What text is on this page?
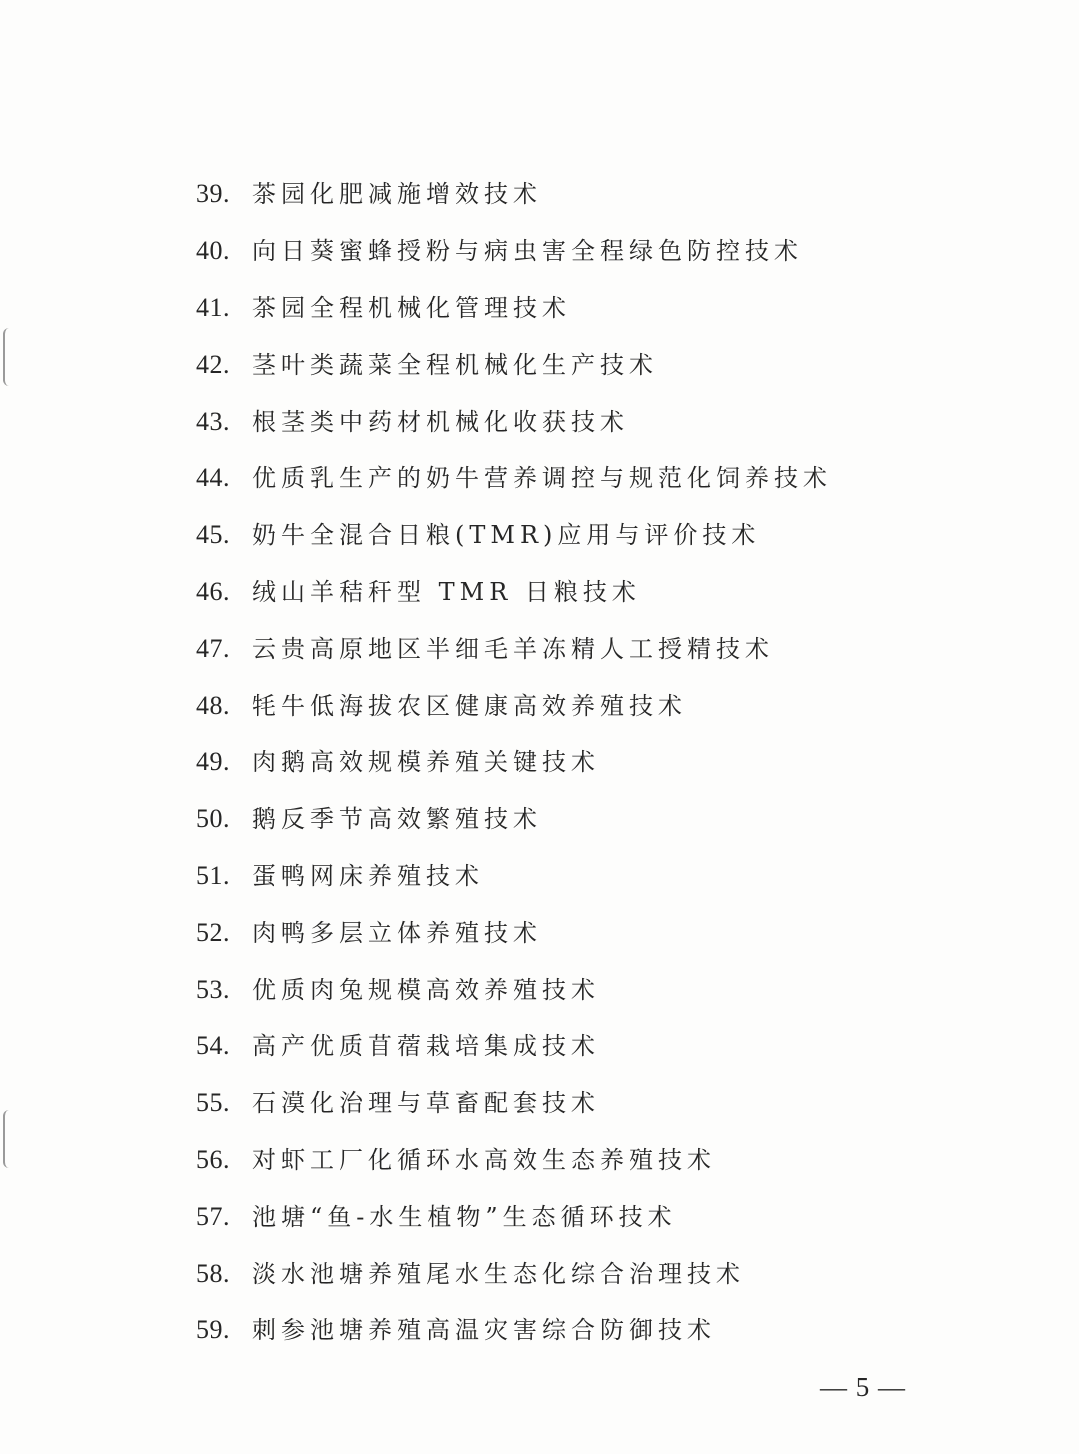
39. 茶园化肥减施增效技术
40. 向日葵蜜蜂授粉与病虫害全程绿色防控技术
41. 茶园全程机械化管理技术
42. 茎叶类蔬菜全程机械化生产技术
43. 根茎类中药材机械化收获技术
44. 优质乳生产的奶牛营养调控与规范化饲养技术
45. 奶牛全混合日粮(TMR)应用与评价技术
46. 绒山羊秸秆型 TMR 日粮技术
47. 云贵高原地区半细毛羊冻精人工授精技术
48. 牦牛低海拔农区健康高效养殖技术
49. 肉鹅高效规模养殖关键技术
50. 鹅反季节高效繁殖技术
51. 蛋鸭网床养殖技术
52. 肉鸭多层立体养殖技术
53. 优质肉兔规模高效养殖技术
54. 高产优质苜蓿栽培集成技术
55. 石漠化治理与草畜配套技术
56. 对虾工厂化循环水高效生态养殖技术
57. 池塘“鱼-水生植物”生态循环技术
58. 淡水池塘养殖尾水生态化综合治理技术
59. 刺参池塘养殖高温灾害综合防御技术
— 5 —
